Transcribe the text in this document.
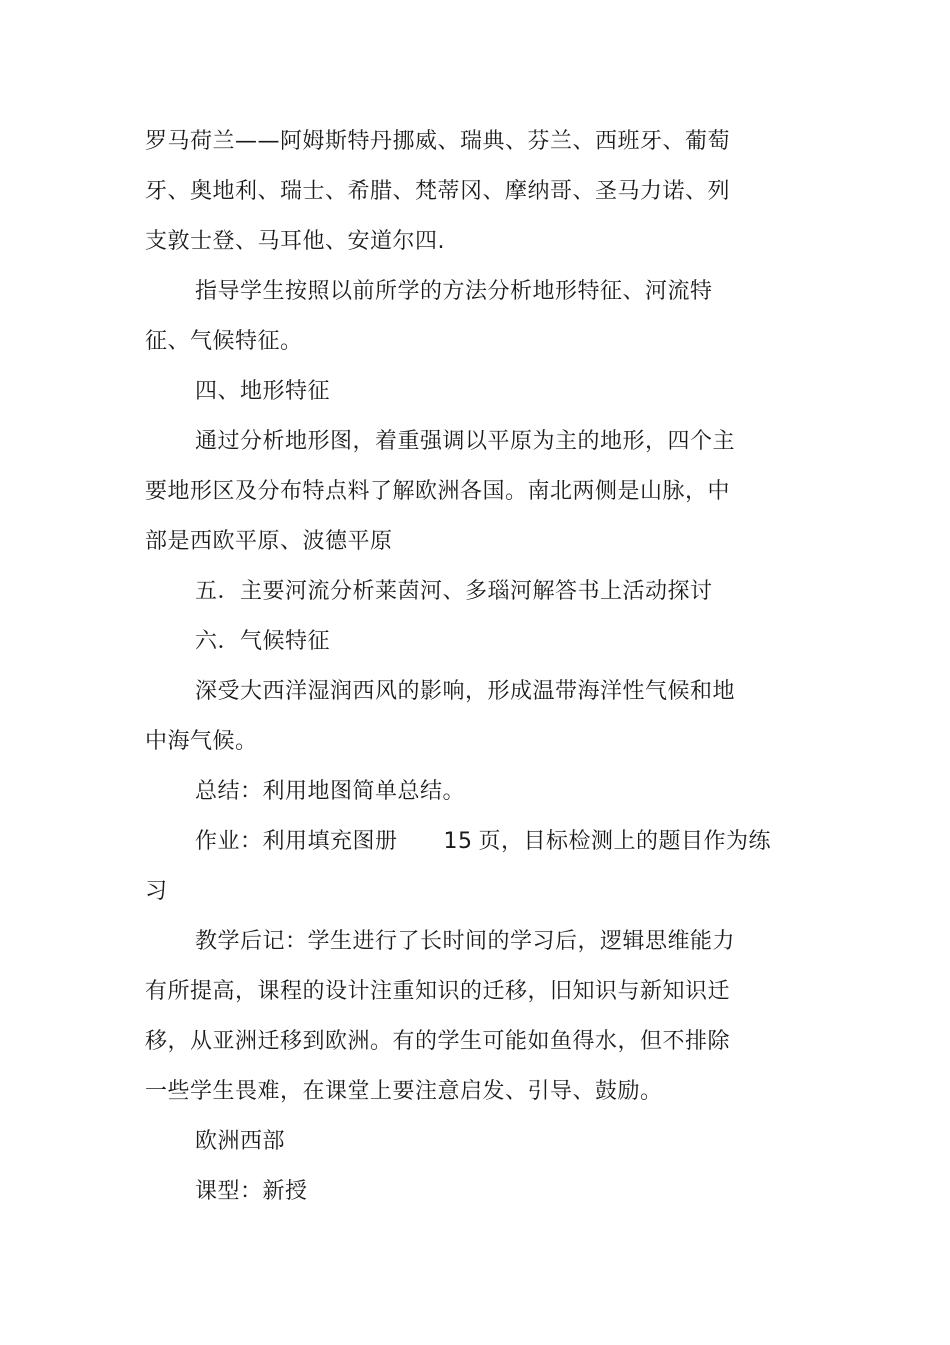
罗马荷兰——阿姆斯特丹挪威、瑞典、芬兰、西班牙、葡萄
牙、奥地利、瑞士、希腊、梵蒂冈、摩纳哥、圣马力诺、列
支敦士登、马耳他、安道尔四.
指导学生按照以前所学的方法分析地形特征、河流特
征、气候特征。
四、地形特征
通过分析地形图，着重强调以平原为主的地形，四个主
要地形区及分布特点料了解欧洲各国。南北两侧是山脉，中
部是西欧平原、波德平原
五．主要河流分析莱茵河、多瑙河解答书上活动探讨
六．气候特征
深受大西洋湿润西风的影响，形成温带海洋性气候和地
中海气候。
总结：利用地图简单总结。
作业：利用填充图册 15 页，目标检测上的题目作为练
习
教学后记：学生进行了长时间的学习后，逻辑思维能力
有所提高，课程的设计注重知识的迁移，旧知识与新知识迁
移，从亚洲迁移到欧洲。有的学生可能如鱼得水，但不排除
一些学生畏难，在课堂上要注意启发、引导、鼓励。
欧洲西部
课型：新授
